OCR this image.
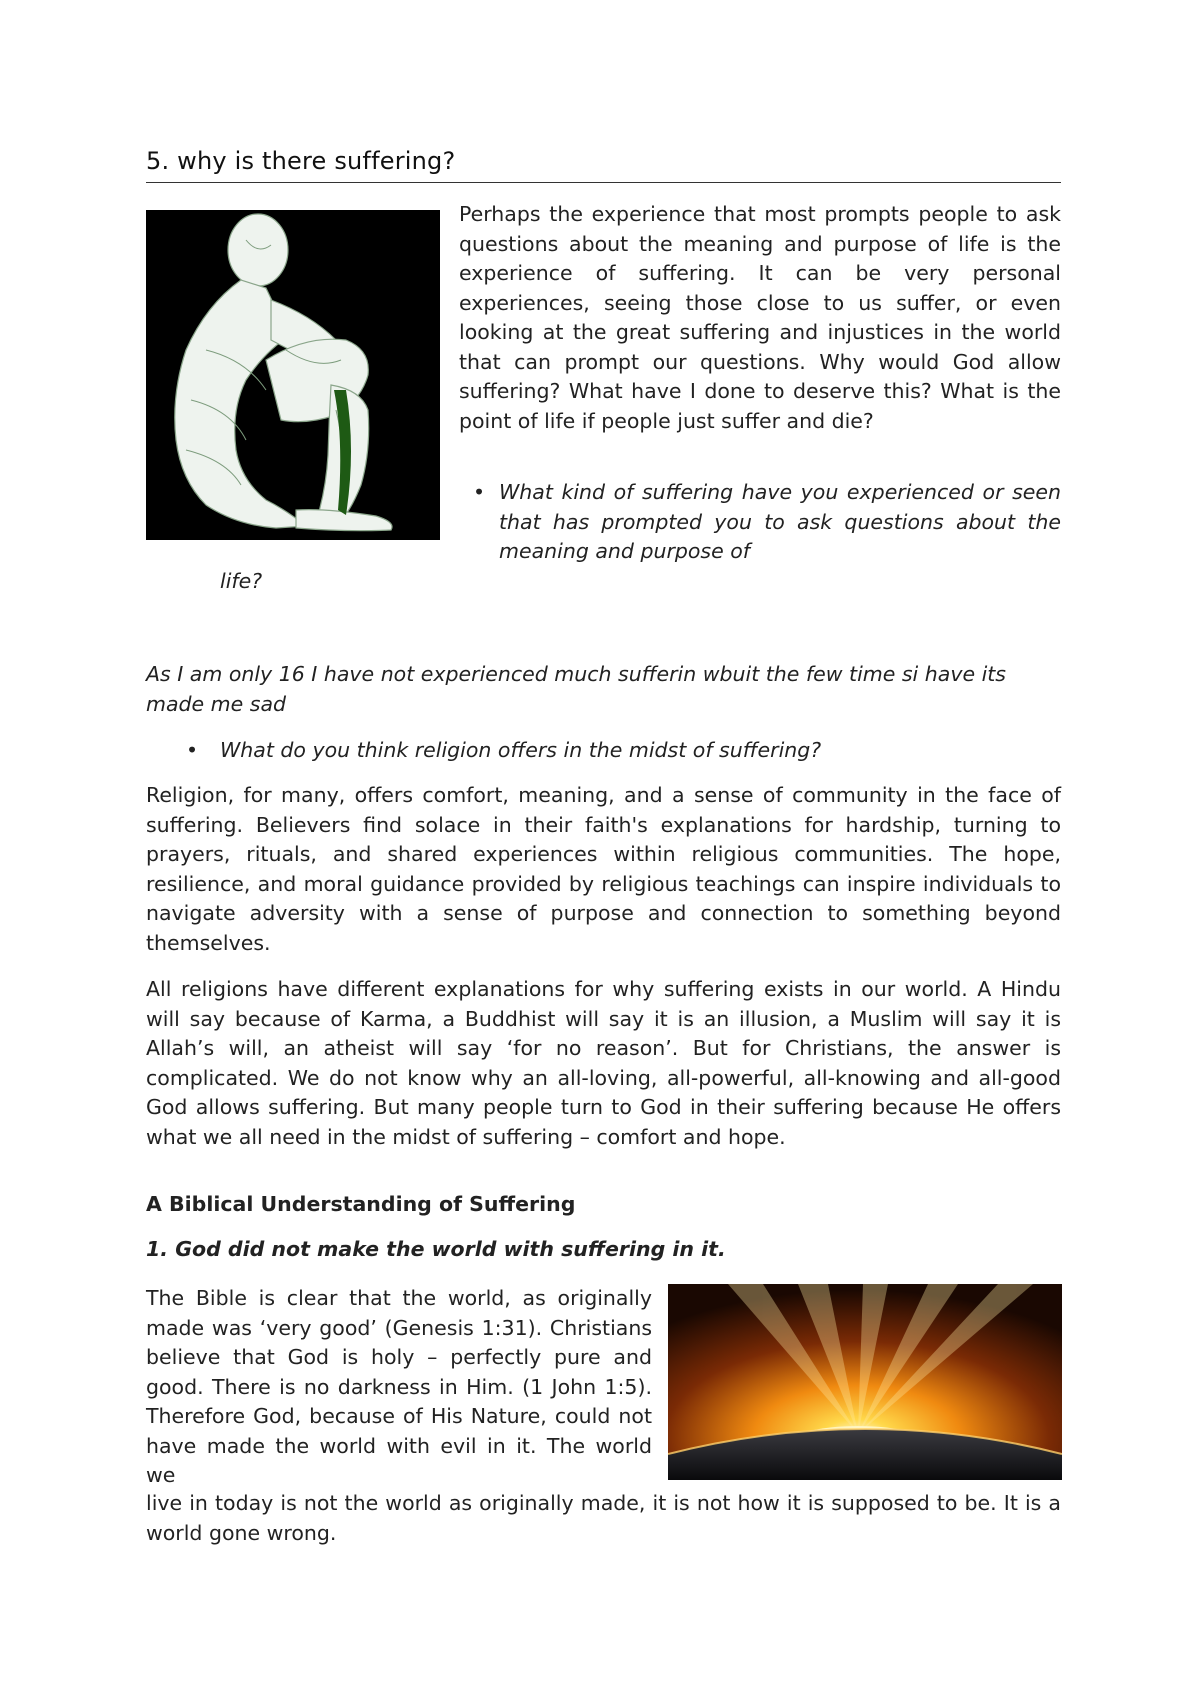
5. why is there suffering?

Perhaps the experience that most prompts people to ask questions about the meaning and purpose of life is the experience of suffering. It can be very personal experiences, seeing those close to us suffer, or even looking at the great suffering and injustices in the world that can prompt our questions. Why would God allow suffering? What have I done to deserve this? What is the point of life if people just suffer and die?

• What kind of suffering have you experienced or seen that has prompted you to ask questions about the meaning and purpose of
life?

As I am only 16 I have not experienced much sufferin wbuit the few time si have its made me sad

• What do you think religion offers in the midst of suffering?

Religion, for many, offers comfort, meaning, and a sense of community in the face of suffering. Believers find solace in their faith's explanations for hardship, turning to prayers, rituals, and shared experiences within religious communities. The hope, resilience, and moral guidance provided by religious teachings can inspire individuals to navigate adversity with a sense of purpose and connection to something beyond themselves.

All religions have different explanations for why suffering exists in our world. A Hindu will say because of Karma, a Buddhist will say it is an illusion, a Muslim will say it is Allah’s will, an atheist will say ‘for no reason’. But for Christians, the answer is complicated. We do not know why an all-loving, all-powerful, all-knowing and all-good God allows suffering. But many people turn to God in their suffering because He offers what we all need in the midst of suffering – comfort and hope.

A Biblical Understanding of Suffering
1. God did not make the world with suffering in it.

The Bible is clear that the world, as originally made was ‘very good’ (Genesis 1:31). Christians believe that God is holy – perfectly pure and good. There is no darkness in Him. (1 John 1:5). Therefore God, because of His Nature, could not have made the world with evil in it. The world we

live in today is not the world as originally made, it is not how it is supposed to be. It is a world gone wrong.
